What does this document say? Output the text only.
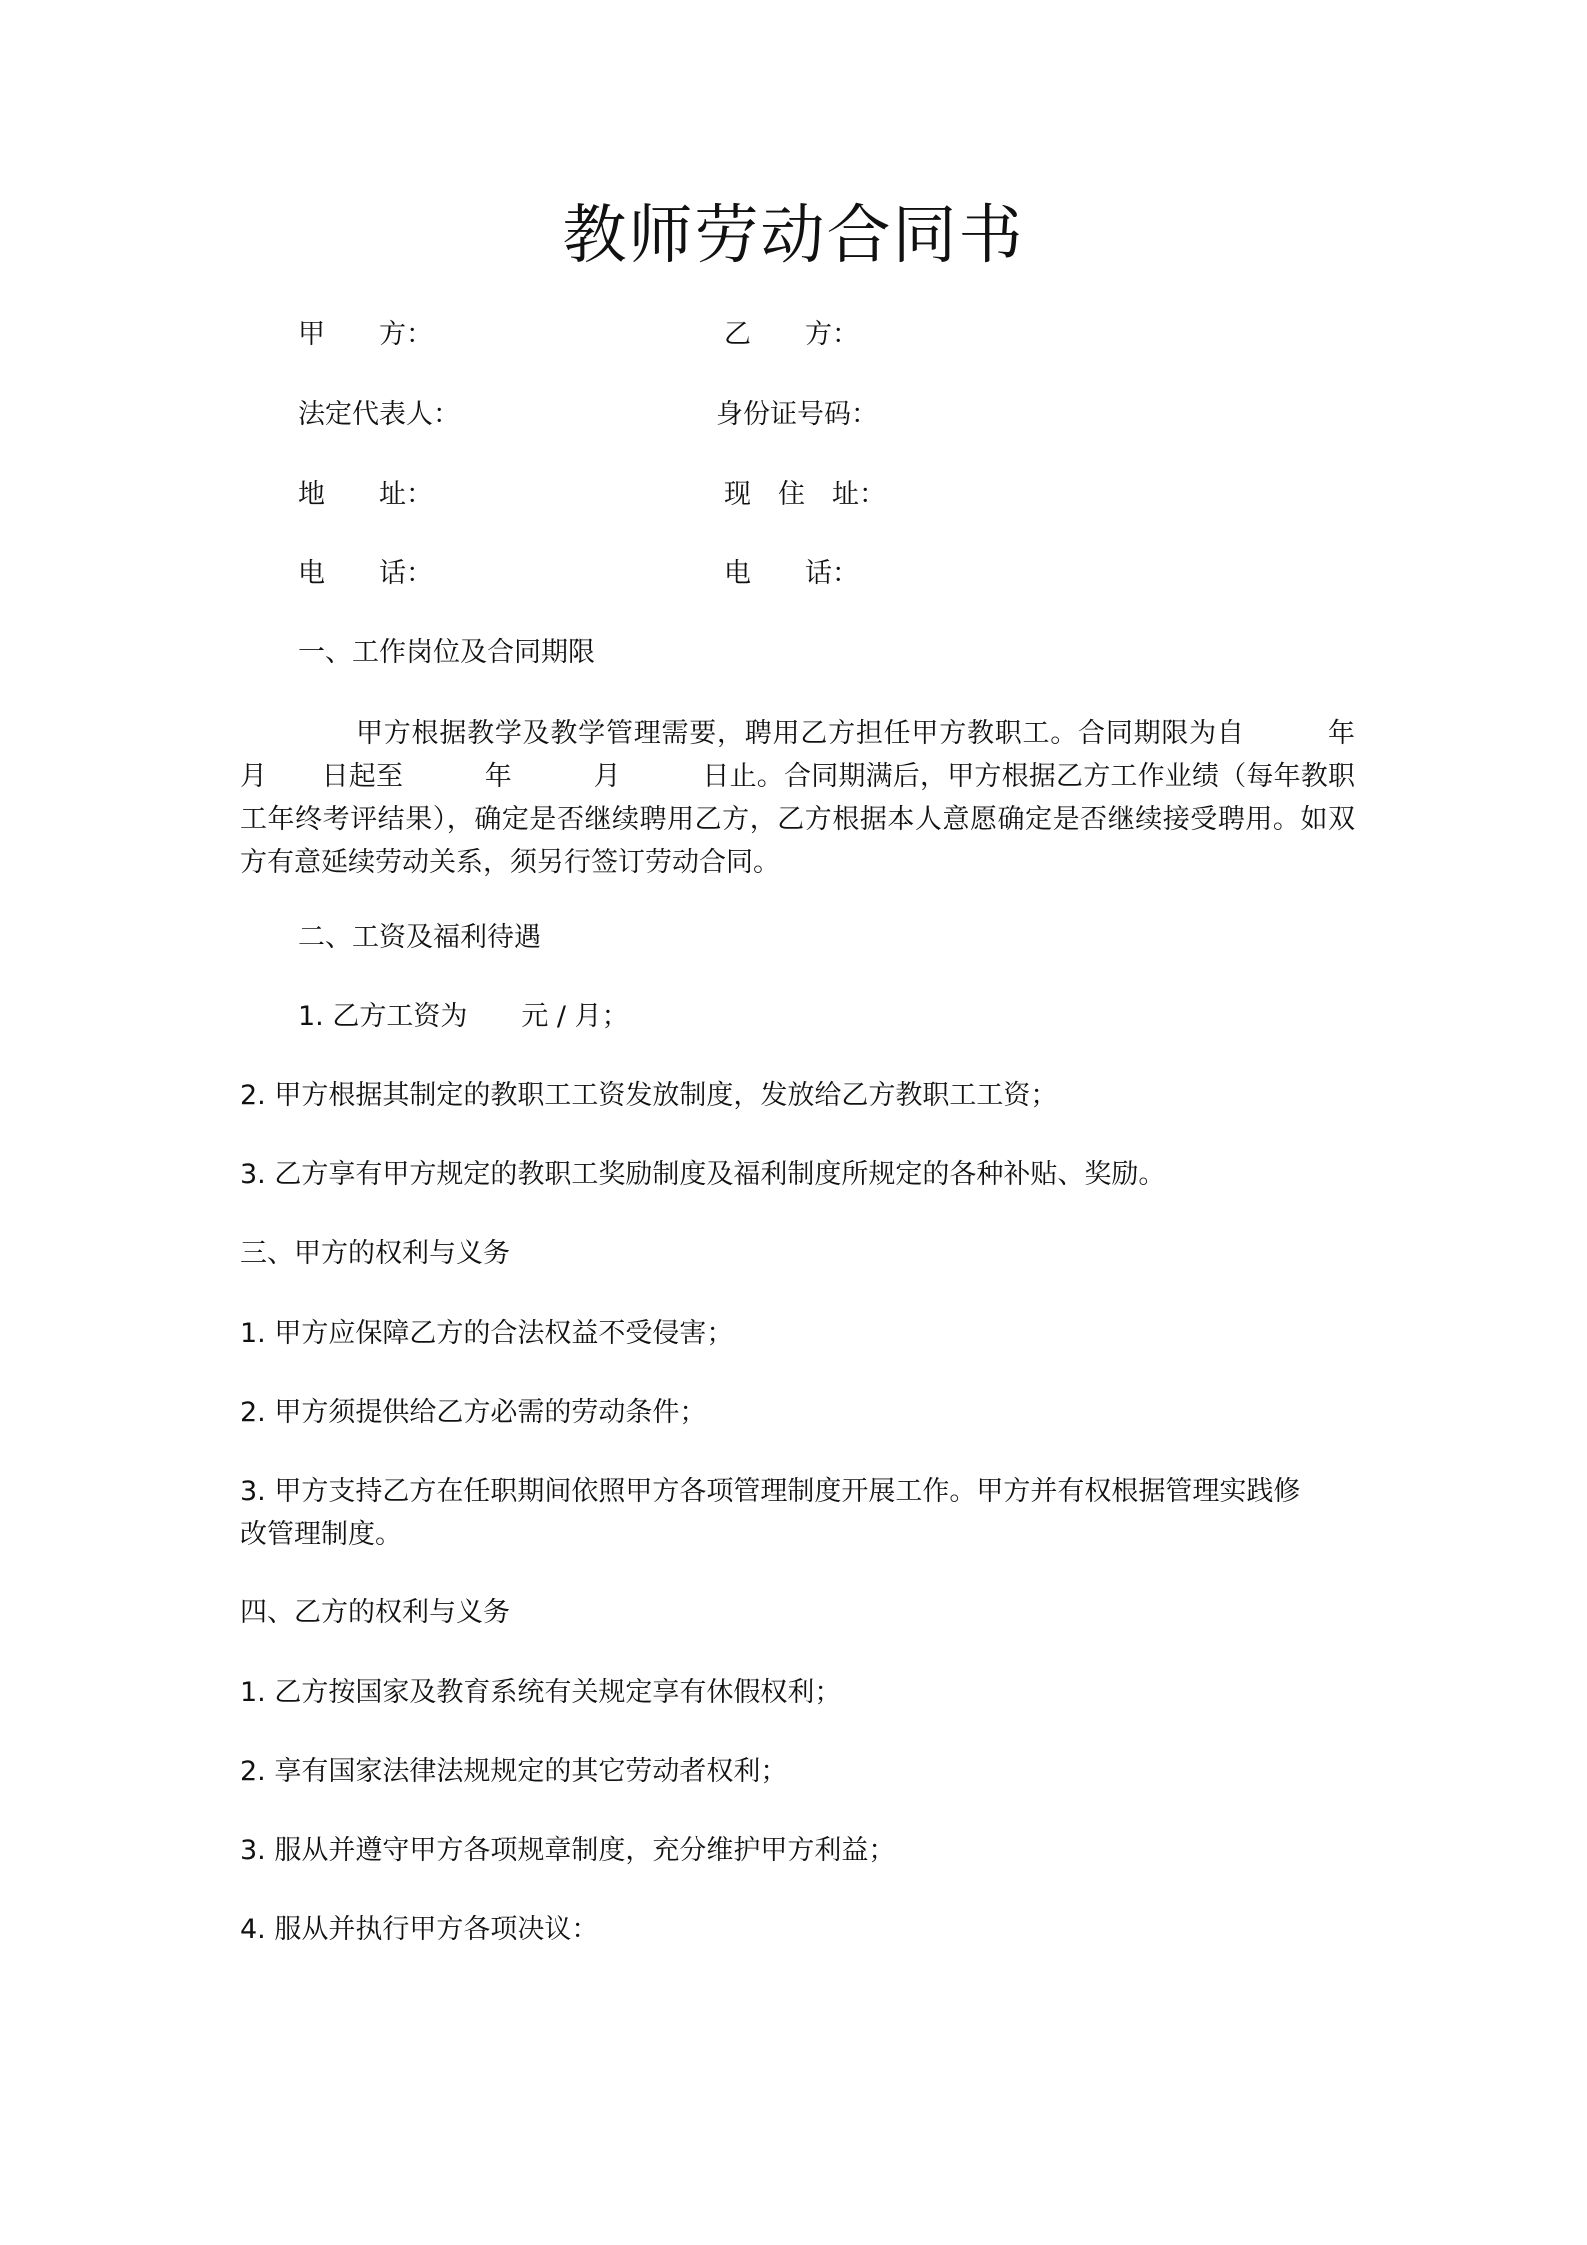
教师劳动合同书
甲　　方：	乙　　方：
法定代表人：	身份证号码：
地　　址：	现　住　址：
电　　话：	电　　话：
一、工作岗位及合同期限
甲方根据教学及教学管理需要，聘用乙方担任甲方教职工。合同期限为自　　　年　　月　　日起至　　　年　　　月　　　日止。合同期满后，甲方根据乙方工作业绩（每年教职工年终考评结果），确定是否继续聘用乙方，乙方根据本人意愿确定是否继续接受聘用。如双方有意延续劳动关系，须另行签订劳动合同。
二、工资及福利待遇
1. 乙方工资为　　元 / 月；
2. 甲方根据其制定的教职工工资发放制度，发放给乙方教职工工资；
3. 乙方享有甲方规定的教职工奖励制度及福利制度所规定的各种补贴、奖励。
三、甲方的权利与义务
1. 甲方应保障乙方的合法权益不受侵害；
2. 甲方须提供给乙方必需的劳动条件；
3. 甲方支持乙方在任职期间依照甲方各项管理制度开展工作。甲方并有权根据管理实践修
改管理制度。
四、乙方的权利与义务
1. 乙方按国家及教育系统有关规定享有休假权利；
2. 享有国家法律法规规定的其它劳动者权利；
3. 服从并遵守甲方各项规章制度，充分维护甲方利益；
4. 服从并执行甲方各项决议：
